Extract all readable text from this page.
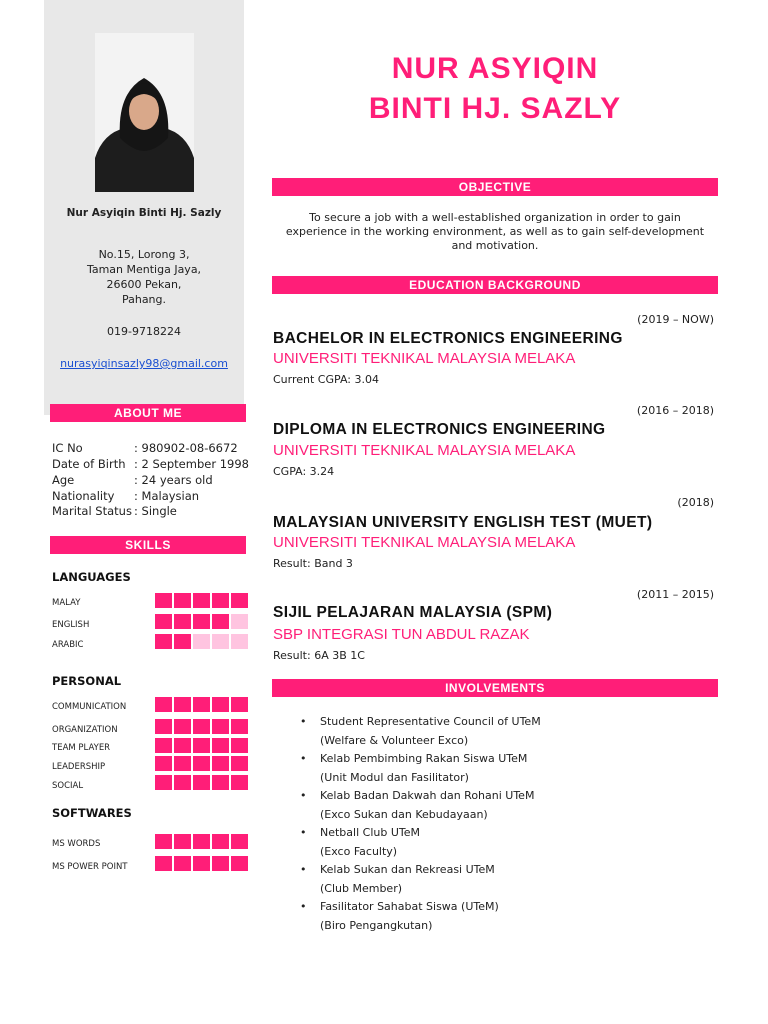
Nur Asyiqin Binti Hj. Sazly
No.15, Lorong 3,
Taman Mentiga Jaya,
26600 Pekan,
Pahang.
019-9718224
nurasyiqinsazly98@gmail.com
ABOUT ME
IC No	: 980902-08-6672
Date of Birth : 2 September 1998
Age	: 24 years old
Nationality : Malaysian
Marital Status : Single
SKILLS
LANGUAGES
MALAY
ENGLISH
ARABIC
PERSONAL
COMMUNICATION
ORGANIZATION
TEAM PLAYER
LEADERSHIP
SOCIAL
SOFTWARES
MS WORDS
MS POWER POINT
NUR ASYIQIN
BINTI HJ. SAZLY
OBJECTIVE
To secure a job with a well-established organization in order to gain experience in the working environment, as well as to gain self-development and motivation.
EDUCATION BACKGROUND
(2019 – NOW)
BACHELOR IN ELECTRONICS ENGINEERING
UNIVERSITI TEKNIKAL MALAYSIA MELAKA
Current CGPA: 3.04
(2016 – 2018)
DIPLOMA IN ELECTRONICS ENGINEERING
UNIVERSITI TEKNIKAL MALAYSIA MELAKA
CGPA: 3.24
(2018)
MALAYSIAN UNIVERSITY ENGLISH TEST (MUET)
UNIVERSITI TEKNIKAL MALAYSIA MELAKA
Result: Band 3
(2011 – 2015)
SIJIL PELAJARAN MALAYSIA (SPM)
SBP INTEGRASI TUN ABDUL RAZAK
Result: 6A 3B 1C
INVOLVEMENTS
• Student Representative Council of UTeM
(Welfare & Volunteer Exco)
• Kelab Pembimbing Rakan Siswa UTeM
(Unit Modul dan Fasilitator)
• Kelab Badan Dakwah dan Rohani UTeM
(Exco Sukan dan Kebudayaan)
• Netball Club UTeM
(Exco Faculty)
• Kelab Sukan dan Rekreasi UTeM
(Club Member)
• Fasilitator Sahabat Siswa (UTeM)
(Biro Pengangkutan)
